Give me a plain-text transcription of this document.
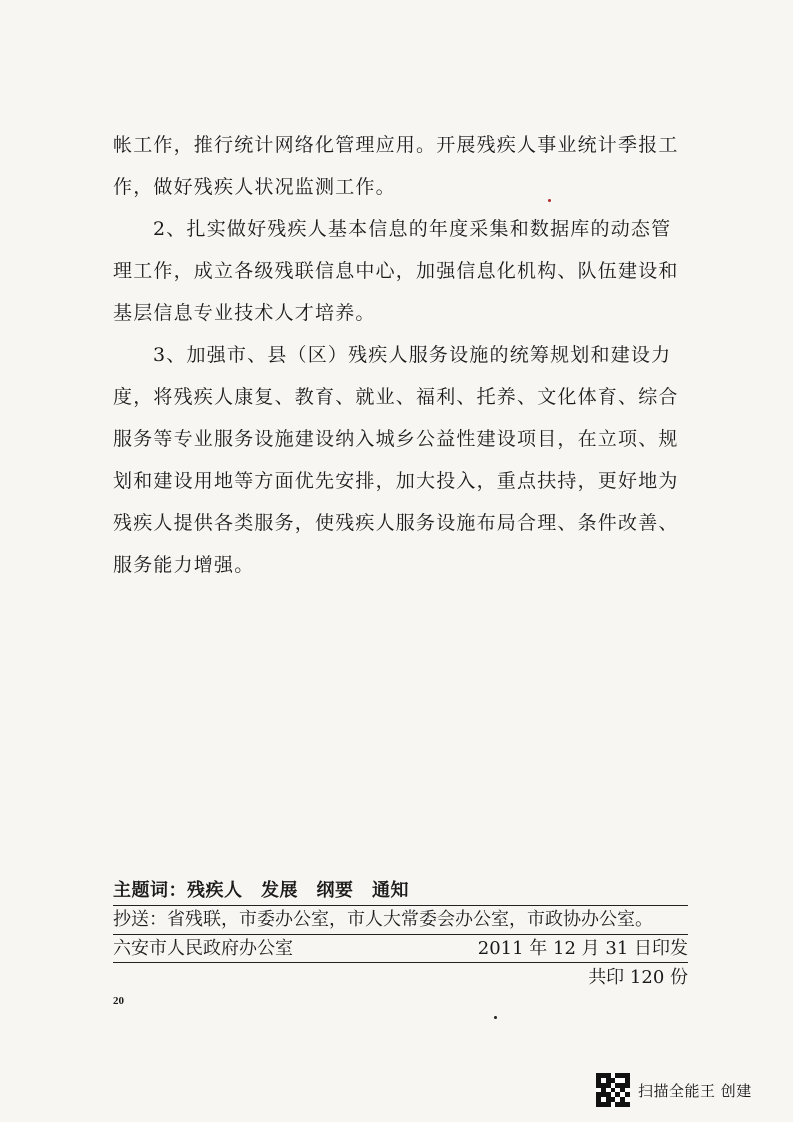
帐工作，推行统计网络化管理应用。开展残疾人事业统计季报工

作，做好残疾人状况监测工作。

2、扎实做好残疾人基本信息的年度采集和数据库的动态管理工作，成立各级残联信息中心，加强信息化机构、队伍建设和基层信息专业技术人才培养。

3、加强市、县（区）残疾人服务设施的统筹规划和建设力度，将残疾人康复、教育、就业、福利、托养、文化体育、综合服务等专业服务设施建设纳入城乡公益性建设项目，在立项、规划和建设用地等方面优先安排，加大投入，重点扶持，更好地为残疾人提供各类服务，使残疾人服务设施布局合理、条件改善、服务能力增强。

主题词：残疾人　发展　纲要　通知
抄送：省残联，市委办公室，市人大常委会办公室，市政协办公室。
六安市人民政府办公室	2011 年 12 月 31 日印发
共印 120 份
20
扫描全能王 创建
